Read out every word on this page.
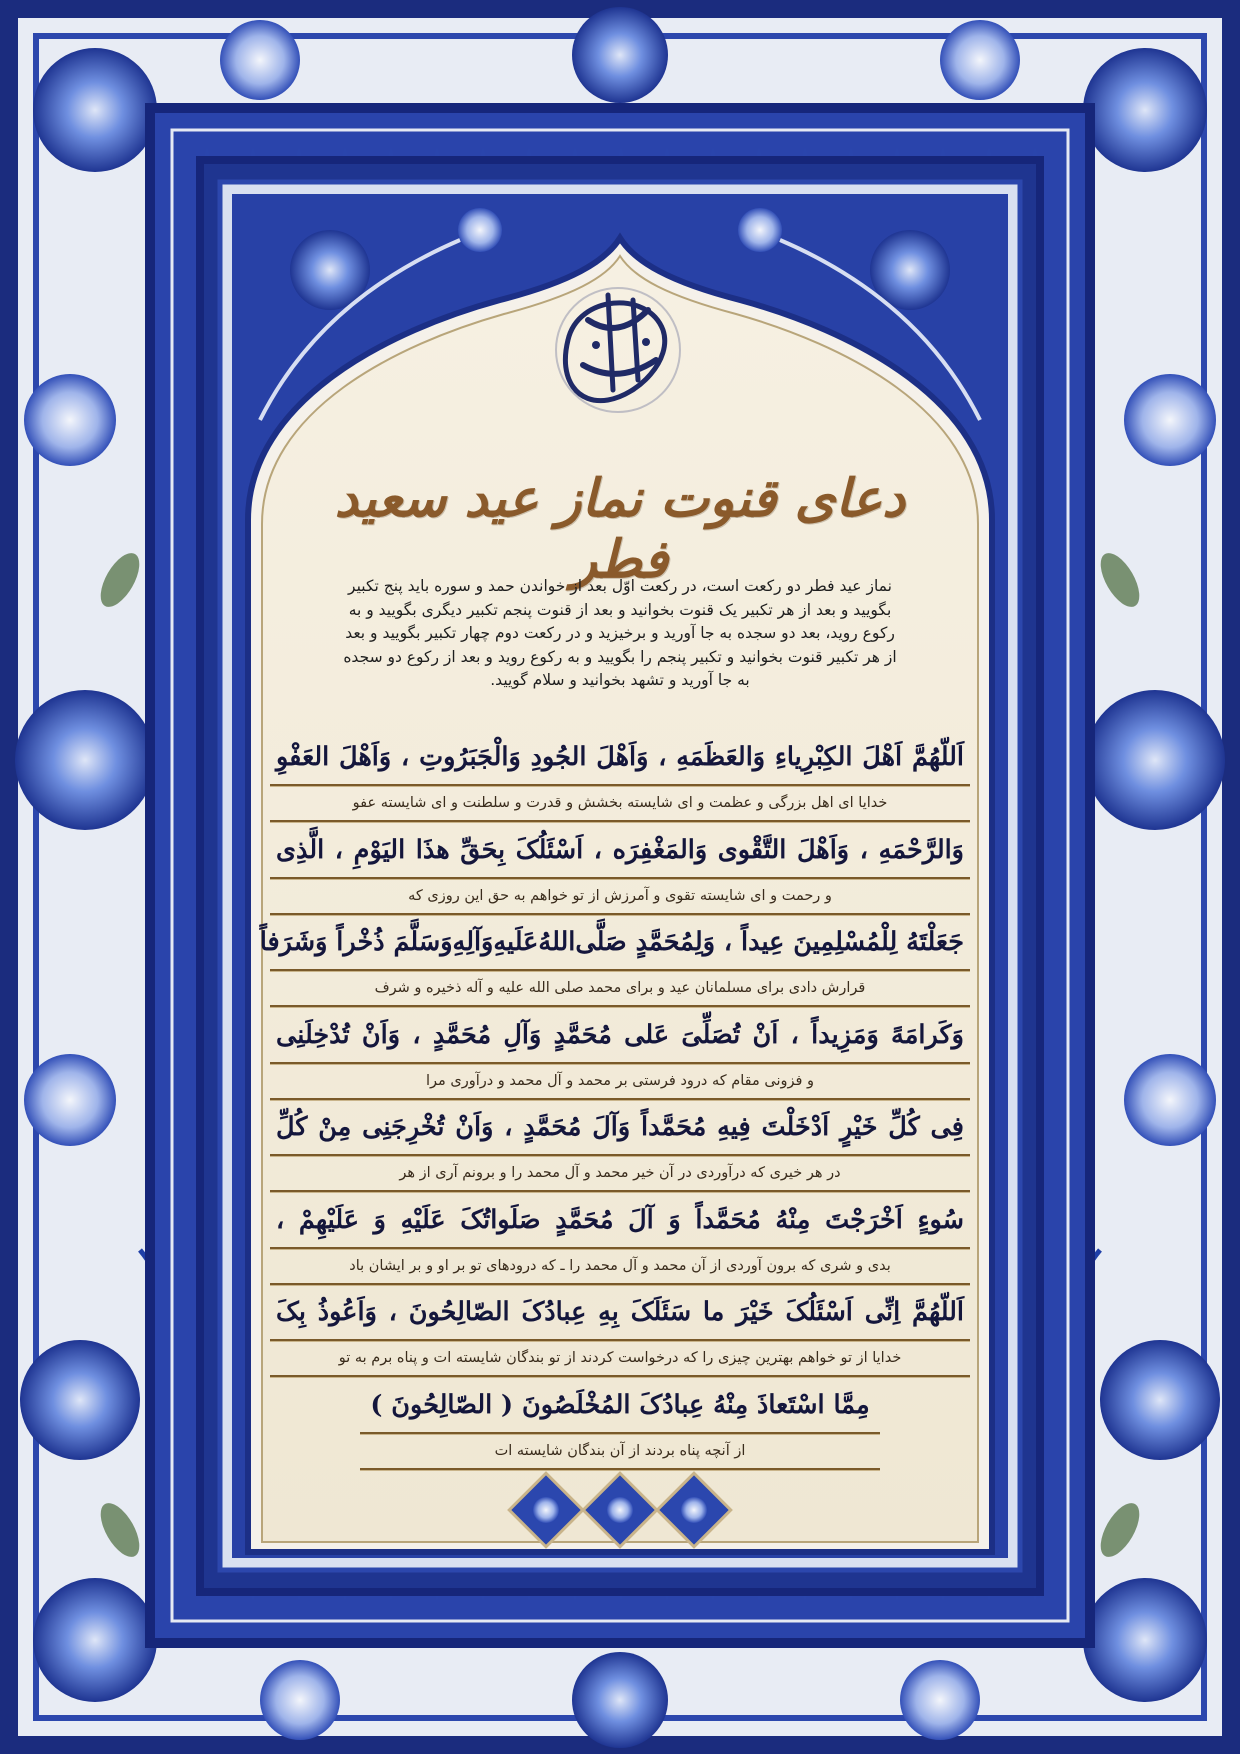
دعای قنوت نماز عید سعید فطر
نماز عید فطر دو رکعت است، در رکعت اوّل بعد از خواندن حمد و سوره باید پنج تکبیر بگویید و بعد از هر تکبیر یک قنوت بخوانید و بعد از قنوت پنجم تکبیر دیگری بگویید و به رکوع روید، بعد دو سجده به جا آورید و برخیزید و در رکعت دوم چهار تکبیر بگویید و بعد از هر تکبیر قنوت بخوانید و تکبیر پنجم را بگویید و به رکوع روید و بعد از رکوع دو سجده به جا آورید و تشهد بخوانید و سلام گویید.
اَللّهُمَّ اَهْلَ الکِبْرِیاءِ وَالعَظَمَهِ ، وَاَهْلَ الجُودِ وَالْجَبَرُوتِ ، وَاَهْلَ العَفْوِ
خدایا ای اهل بزرگی و عظمت و ای شایسته بخشش و قدرت و سلطنت و ای شایسته عفو
وَالرَّحْمَهِ ، وَاَهْلَ التَّقْوی وَالمَغْفِرَه ، اَسْئَلُکَ بِحَقِّ هذَا الیَوْمِ ، الَّذِی
و رحمت و ای شایسته تقوی و آمرزش از تو خواهم به حق این روزی که
جَعَلْتَهُ لِلْمُسْلِمِینَ عِیداً ، وَلِمُحَمَّدٍ صَلَّی‌اللهُ‌عَلَیهِ‌وَآلِهِ‌وَسَلَّمَ ذُخْراً وَشَرَفاً
قرارش دادی برای مسلمانان عید و برای محمد صلی الله علیه و آله ذخیره و شرف
وَکَرامَهً وَمَزِیداً ، اَنْ تُصَلِّیَ عَلی مُحَمَّدٍ وَآلِ مُحَمَّدٍ ، وَاَنْ تُدْخِلَنِی
و فزونی مقام که درود فرستی بر محمد و آل محمد و درآوری مرا
فِی کُلِّ خَیْرٍ اَدْخَلْتَ فِیهِ مُحَمَّداً وَآلَ مُحَمَّدٍ ، وَاَنْ تُخْرِجَنِی مِنْ کُلِّ
در هر خیری که درآوردی در آن خیر محمد و آل محمد را و برونم آری از هر
سُوءٍ اَخْرَجْتَ مِنْهُ مُحَمَّداً وَ آلَ مُحَمَّدٍ صَلَواتُکَ عَلَیْهِ وَ عَلَیْهِمْ ،
بدی و شری که برون آوردی از آن محمد و آل محمد را ـ که درودهای تو بر او و بر ایشان باد
اَللّهُمَّ اِنِّی اَسْئَلُکَ خَیْرَ ما سَئَلَکَ بِهِ عِبادُکَ الصّالِحُونَ ، وَاَعُوذُ بِکَ
خدایا از تو خواهم بهترین چیزی را که درخواست کردند از تو بندگان شایسته ات و پناه برم به تو
مِمَّا اسْتَعاذَ مِنْهُ عِبادُکَ المُخْلَصُونَ ( الصّالِحُونَ )
از آنچه پناه بردند از آن بندگان شایسته ات
